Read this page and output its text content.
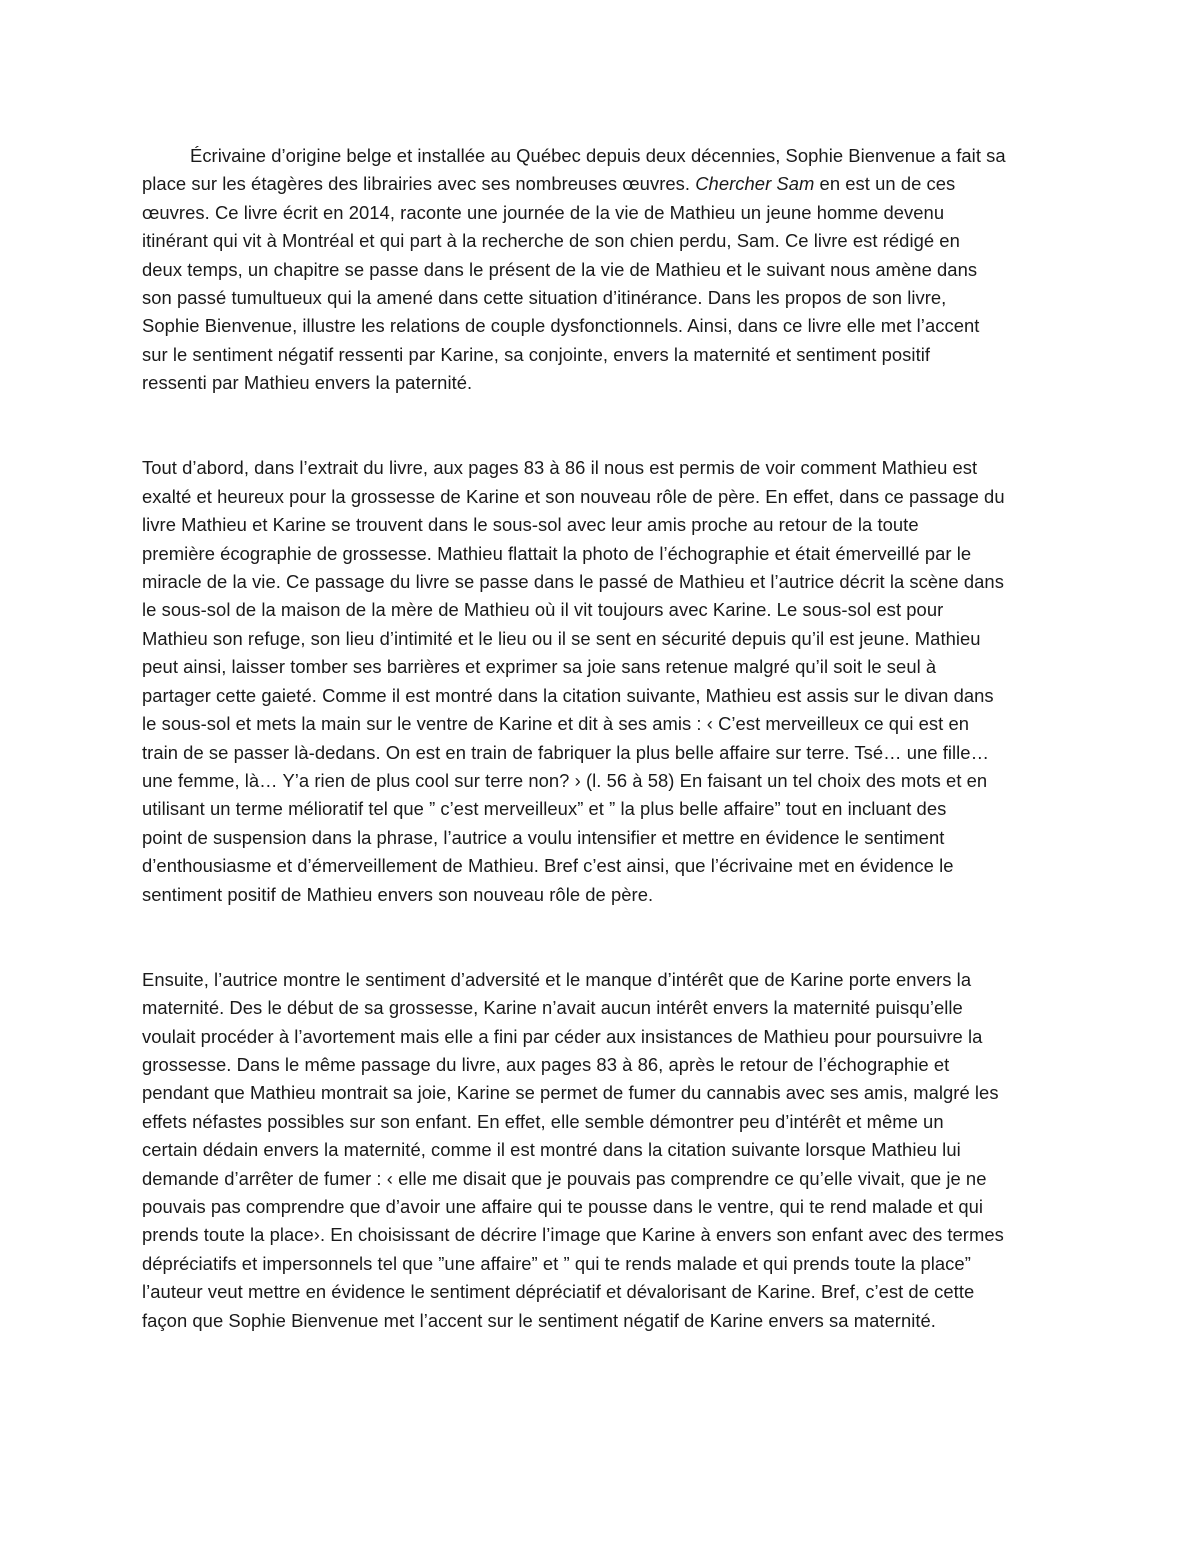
Écrivaine d’origine belge et installée au Québec depuis deux décennies, Sophie Bienvenue a fait sa
place sur les étagères des librairies avec ses nombreuses œuvres. Chercher Sam en est un de ces
œuvres. Ce livre écrit en 2014, raconte une journée de la vie de Mathieu un jeune homme devenu
itinérant qui vit à Montréal et qui part à la recherche de son chien perdu, Sam. Ce livre est rédigé en
deux temps, un chapitre se passe dans le présent de la vie de Mathieu et le suivant nous amène dans
son passé tumultueux qui la amené dans cette situation d’itinérance. Dans les propos de son livre,
Sophie Bienvenue, illustre les relations de couple dysfonctionnels. Ainsi, dans ce livre elle met l’accent
sur le sentiment négatif ressenti par Karine, sa conjointe, envers la maternité et sentiment positif
ressenti par Mathieu envers la paternité.
Tout d’abord, dans l’extrait du livre, aux pages 83 à 86 il nous est permis de voir comment Mathieu est
exalté et heureux pour la grossesse de Karine et son nouveau rôle de père. En effet, dans ce passage du
livre Mathieu et Karine se trouvent dans le sous-sol avec leur amis proche au retour de la toute
première écographie de grossesse. Mathieu flattait la photo de l’échographie et était émerveillé par le
miracle de la vie. Ce passage du livre se passe dans le passé de Mathieu et l’autrice décrit la scène dans
le sous-sol de la maison de la mère de Mathieu où il vit toujours avec Karine. Le sous-sol est pour
Mathieu son refuge, son lieu d’intimité et le lieu ou il se sent en sécurité depuis qu’il est jeune. Mathieu
peut ainsi, laisser tomber ses barrières et exprimer sa joie sans retenue malgré qu’il soit le seul à
partager cette gaieté. Comme il est montré dans la citation suivante, Mathieu est assis sur le divan dans
le sous-sol et mets la main sur le ventre de Karine et dit à ses amis : ‹ C’est merveilleux ce qui est en
train de se passer là-dedans. On est en train de fabriquer la plus belle affaire sur terre. Tsé… une fille…
une femme, là… Y’a rien de plus cool sur terre non? › (l. 56 à 58) En faisant un tel choix des mots et en
utilisant un terme mélioratif tel que ” c’est merveilleux” et ” la plus belle affaire” tout en incluant des
point de suspension dans la phrase, l’autrice a voulu intensifier et mettre en évidence le sentiment
d’enthousiasme et d’émerveillement de Mathieu. Bref c’est ainsi, que l’écrivaine met en évidence le
sentiment positif de Mathieu envers son nouveau rôle de père.
Ensuite, l’autrice montre le sentiment d’adversité et le manque d’intérêt que de Karine porte envers la
maternité. Des le début de sa grossesse, Karine n’avait aucun intérêt envers la maternité puisqu’elle
voulait procéder à l’avortement mais elle a fini par céder aux insistances de Mathieu pour poursuivre la
grossesse. Dans le même passage du livre, aux pages 83 à 86, après le retour de l’échographie et
pendant que Mathieu montrait sa joie, Karine se permet de fumer du cannabis avec ses amis, malgré les
effets néfastes possibles sur son enfant. En effet, elle semble démontrer peu d’intérêt et même un
certain dédain envers la maternité, comme il est montré dans la citation suivante lorsque Mathieu lui
demande d’arrêter de fumer : ‹ elle me disait que je pouvais pas comprendre ce qu’elle vivait, que je ne
pouvais pas comprendre que d’avoir une affaire qui te pousse dans le ventre, qui te rend malade et qui
prends toute la place›. En choisissant de décrire l’image que Karine à envers son enfant avec des termes
dépréciatifs et impersonnels tel que ”une affaire” et ” qui te rends malade et qui prends toute la place”
l’auteur veut mettre en évidence le sentiment dépréciatif et dévalorisant de Karine. Bref, c’est de cette
façon que Sophie Bienvenue met l’accent sur le sentiment négatif de Karine envers sa maternité.
